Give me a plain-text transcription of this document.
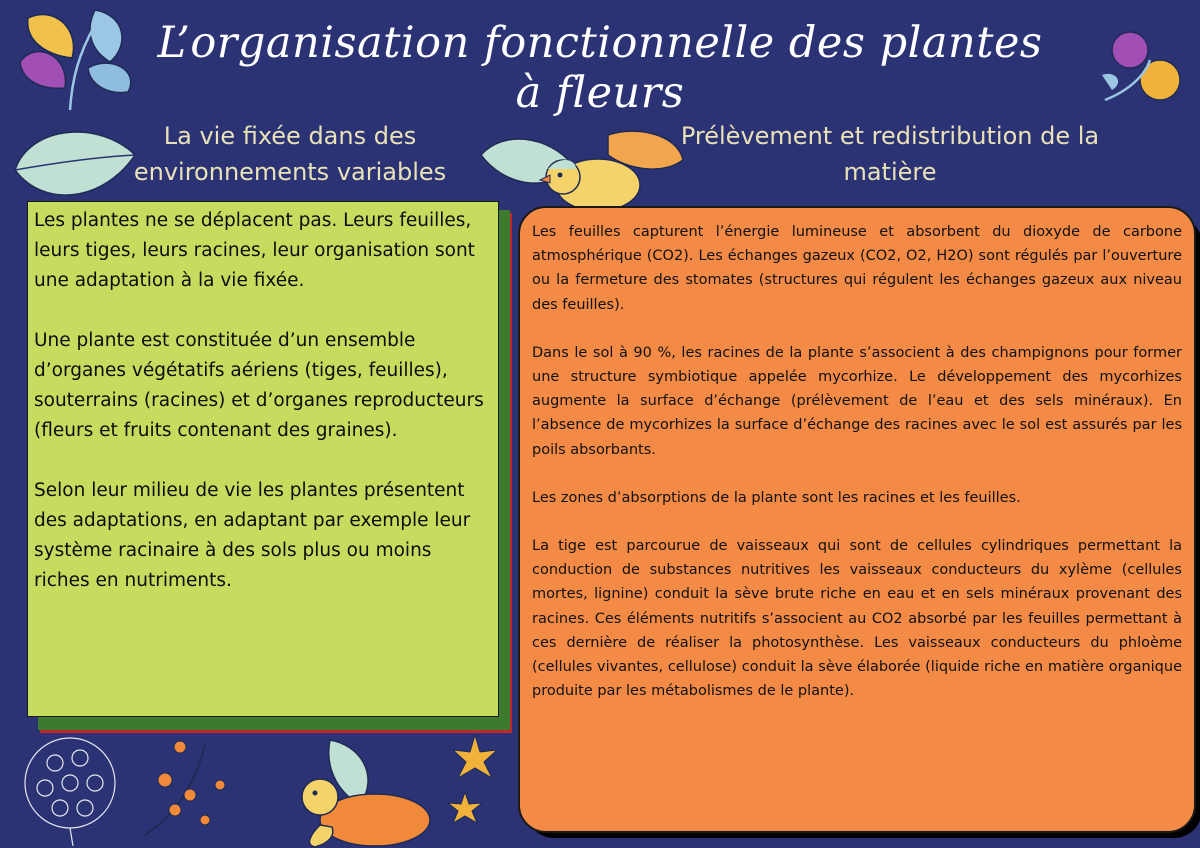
L’organisation fonctionnelle des plantes à fleurs
La vie fixée dans des environnements variables
Prélèvement et redistribution de la matière
Les plantes ne se déplacent pas. Leurs feuilles, leurs tiges, leurs racines, leur organisation sont une adaptation à la vie fixée.

Une plante est constituée d’un ensemble d’organes végétatifs aériens (tiges, feuilles), souterrains (racines) et d’organes reproducteurs (fleurs et fruits contenant des graines).

Selon leur milieu de vie les plantes présentent des adaptations, en adaptant par exemple leur système racinaire à des sols plus ou moins riches en nutriments.

Les feuilles capturent l’énergie lumineuse et absorbent du dioxyde de carbone atmosphérique (CO2). Les échanges gazeux (CO2, O2, H2O) sont régulés par l’ouverture ou la fermeture des stomates (structures qui régulent les échanges gazeux aux niveau des feuilles).

Dans le sol à 90 %, les racines de la plante s’associent à des champignons pour former une structure symbiotique appelée mycorhize. Le développement des mycorhizes augmente la surface d’échange (prélèvement de l’eau et des sels minéraux). En l’absence de mycorhizes la surface d’échange des racines avec le sol est assurés par les poils absorbants.

Les zones d’absorptions de la plante sont les racines et les feuilles.

La tige est parcourue de vaisseaux qui sont de cellules cylindriques permettant la conduction de substances nutritives les vaisseaux conducteurs du xylème (cellules mortes, lignine) conduit la sève brute riche en eau et en sels minéraux provenant des racines. Ces éléments nutritifs s’associent au CO2 absorbé par les feuilles permettant à ces dernière de réaliser la photosynthèse. Les vaisseaux conducteurs du phloème (cellules vivantes, cellulose) conduit la sève élaborée (liquide riche en matière organique produite par les métabolismes de le plante).
